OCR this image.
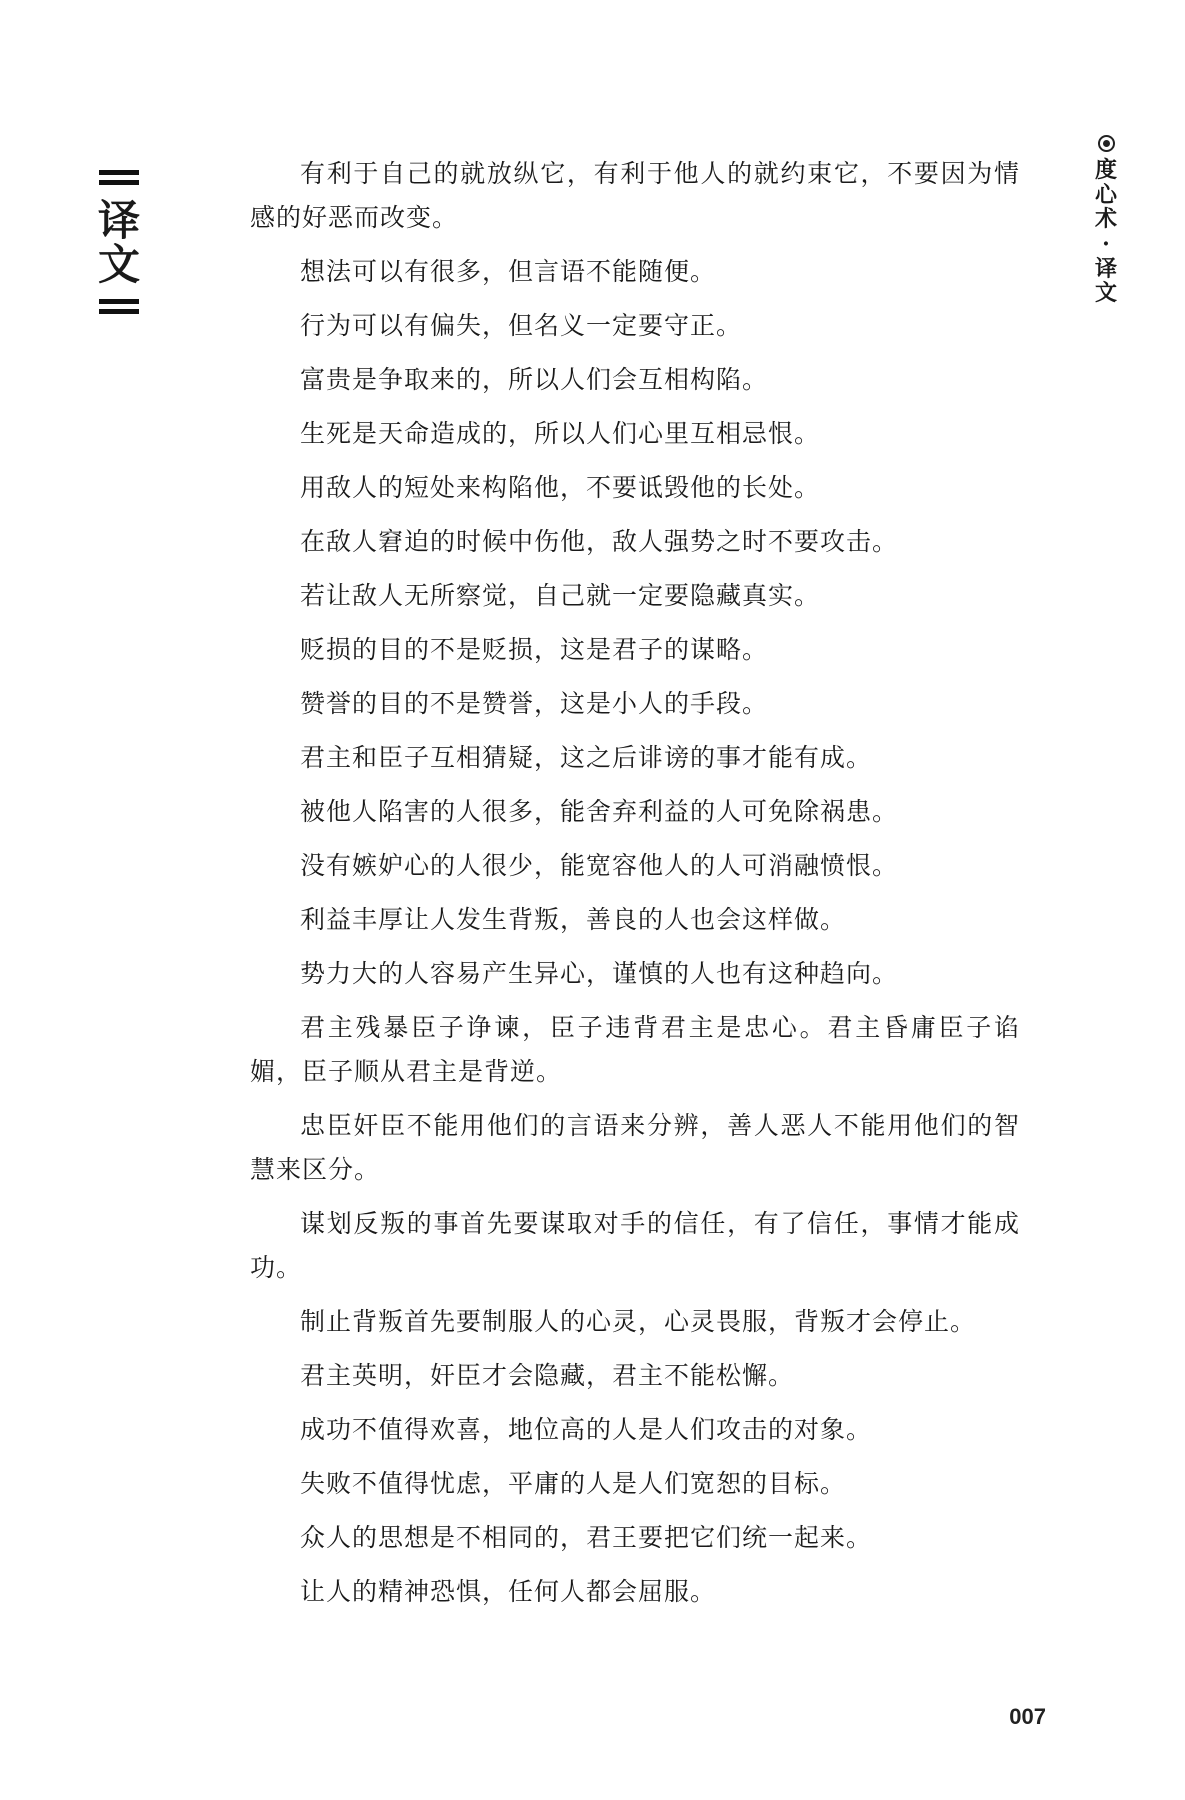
译文
度心术·译文

有利于自己的就放纵它，有利于他人的就约束它，不要因为情感的好恶而改变。

想法可以有很多，但言语不能随便。

行为可以有偏失，但名义一定要守正。

富贵是争取来的，所以人们会互相构陷。

生死是天命造成的，所以人们心里互相忌恨。

用敌人的短处来构陷他，不要诋毁他的长处。

在敌人窘迫的时候中伤他，敌人强势之时不要攻击。

若让敌人无所察觉，自己就一定要隐藏真实。

贬损的目的不是贬损，这是君子的谋略。

赞誉的目的不是赞誉，这是小人的手段。

君主和臣子互相猜疑，这之后诽谤的事才能有成。

被他人陷害的人很多，能舍弃利益的人可免除祸患。

没有嫉妒心的人很少，能宽容他人的人可消融愤恨。

利益丰厚让人发生背叛，善良的人也会这样做。

势力大的人容易产生异心，谨慎的人也有这种趋向。

君主残暴臣子诤谏，臣子违背君主是忠心。君主昏庸臣子谄媚，臣子顺从君主是背逆。

忠臣奸臣不能用他们的言语来分辨，善人恶人不能用他们的智慧来区分。

谋划反叛的事首先要谋取对手的信任，有了信任，事情才能成功。

制止背叛首先要制服人的心灵，心灵畏服，背叛才会停止。

君主英明，奸臣才会隐藏，君主不能松懈。

成功不值得欢喜，地位高的人是人们攻击的对象。

失败不值得忧虑，平庸的人是人们宽恕的目标。

众人的思想是不相同的，君王要把它们统一起来。

让人的精神恐惧，任何人都会屈服。

007
